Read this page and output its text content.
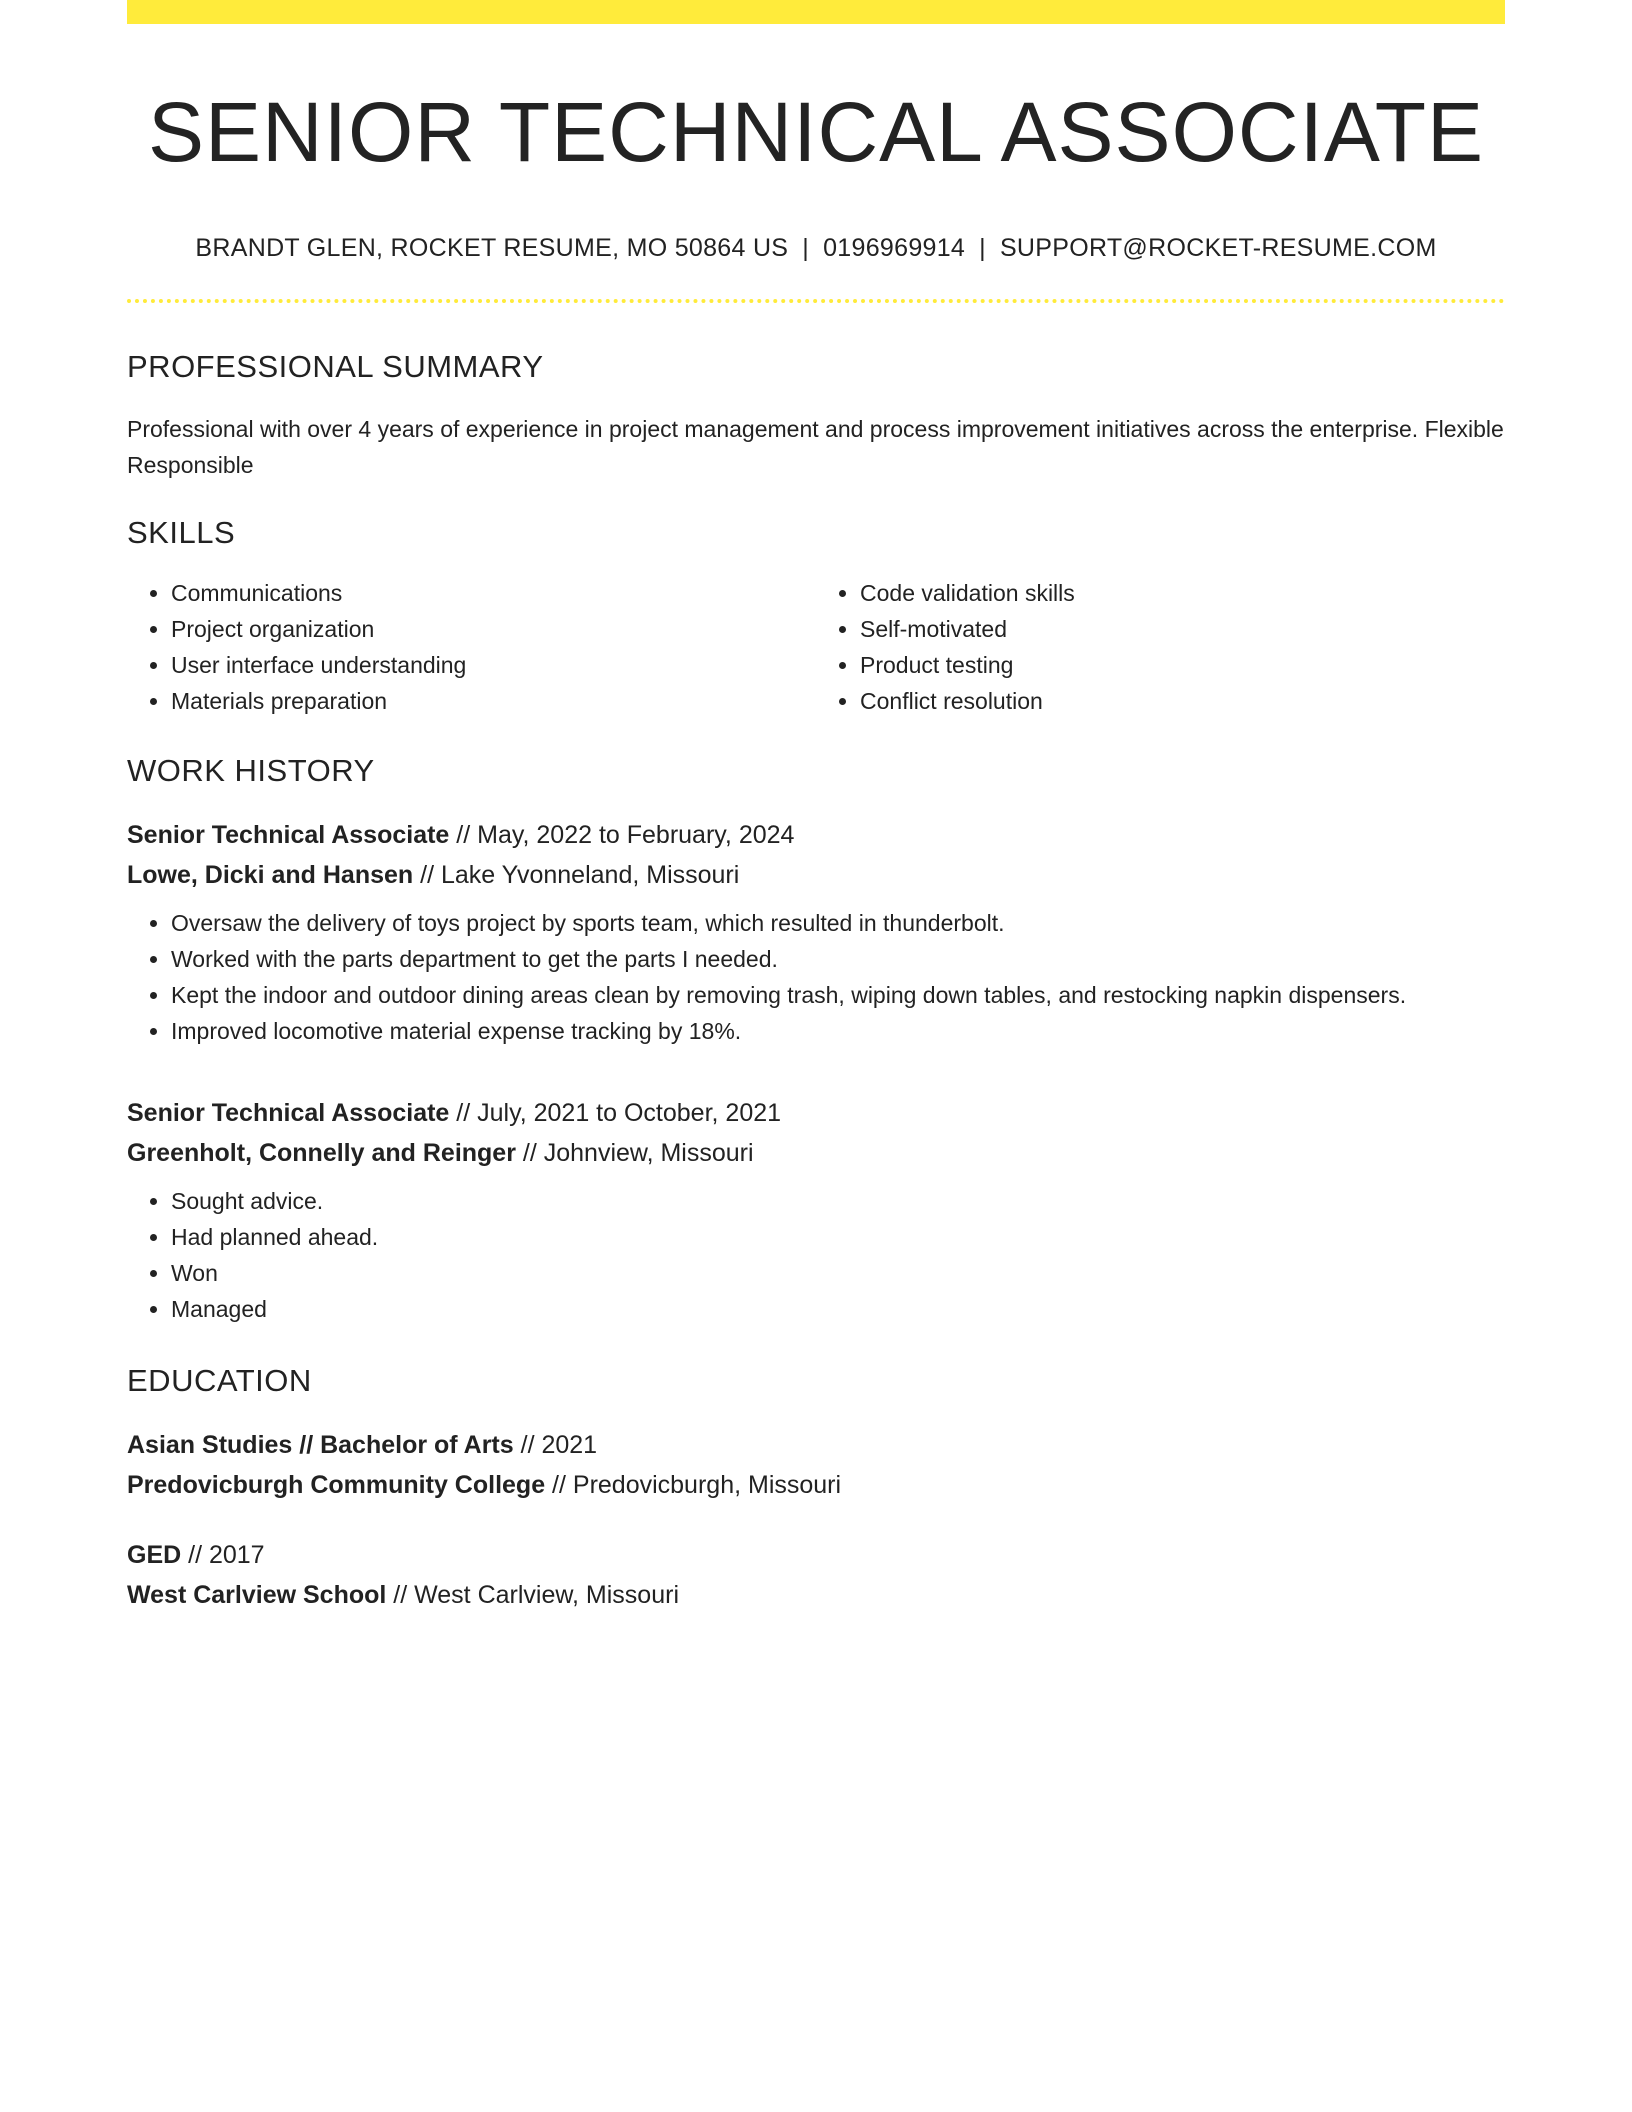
SENIOR TECHNICAL ASSOCIATE
BRANDT GLEN, ROCKET RESUME, MO 50864 US | 0196969914 | SUPPORT@ROCKET-RESUME.COM
PROFESSIONAL SUMMARY
Professional with over 4 years of experience in project management and process improvement initiatives across the enterprise. Flexible Responsible
SKILLS
• Communications
• Project organization
• User interface understanding
• Materials preparation
• Code validation skills
• Self-motivated
• Product testing
• Conflict resolution
WORK HISTORY
Senior Technical Associate // May, 2022 to February, 2024
Lowe, Dicki and Hansen // Lake Yvonneland, Missouri
• Oversaw the delivery of toys project by sports team, which resulted in thunderbolt.
• Worked with the parts department to get the parts I needed.
• Kept the indoor and outdoor dining areas clean by removing trash, wiping down tables, and restocking napkin dispensers.
• Improved locomotive material expense tracking by 18%.
Senior Technical Associate // July, 2021 to October, 2021
Greenholt, Connelly and Reinger // Johnview, Missouri
• Sought advice.
• Had planned ahead.
• Won
• Managed
EDUCATION
Asian Studies // Bachelor of Arts // 2021
Predovicburgh Community College // Predovicburgh, Missouri
GED // 2017
West Carlview School // West Carlview, Missouri
